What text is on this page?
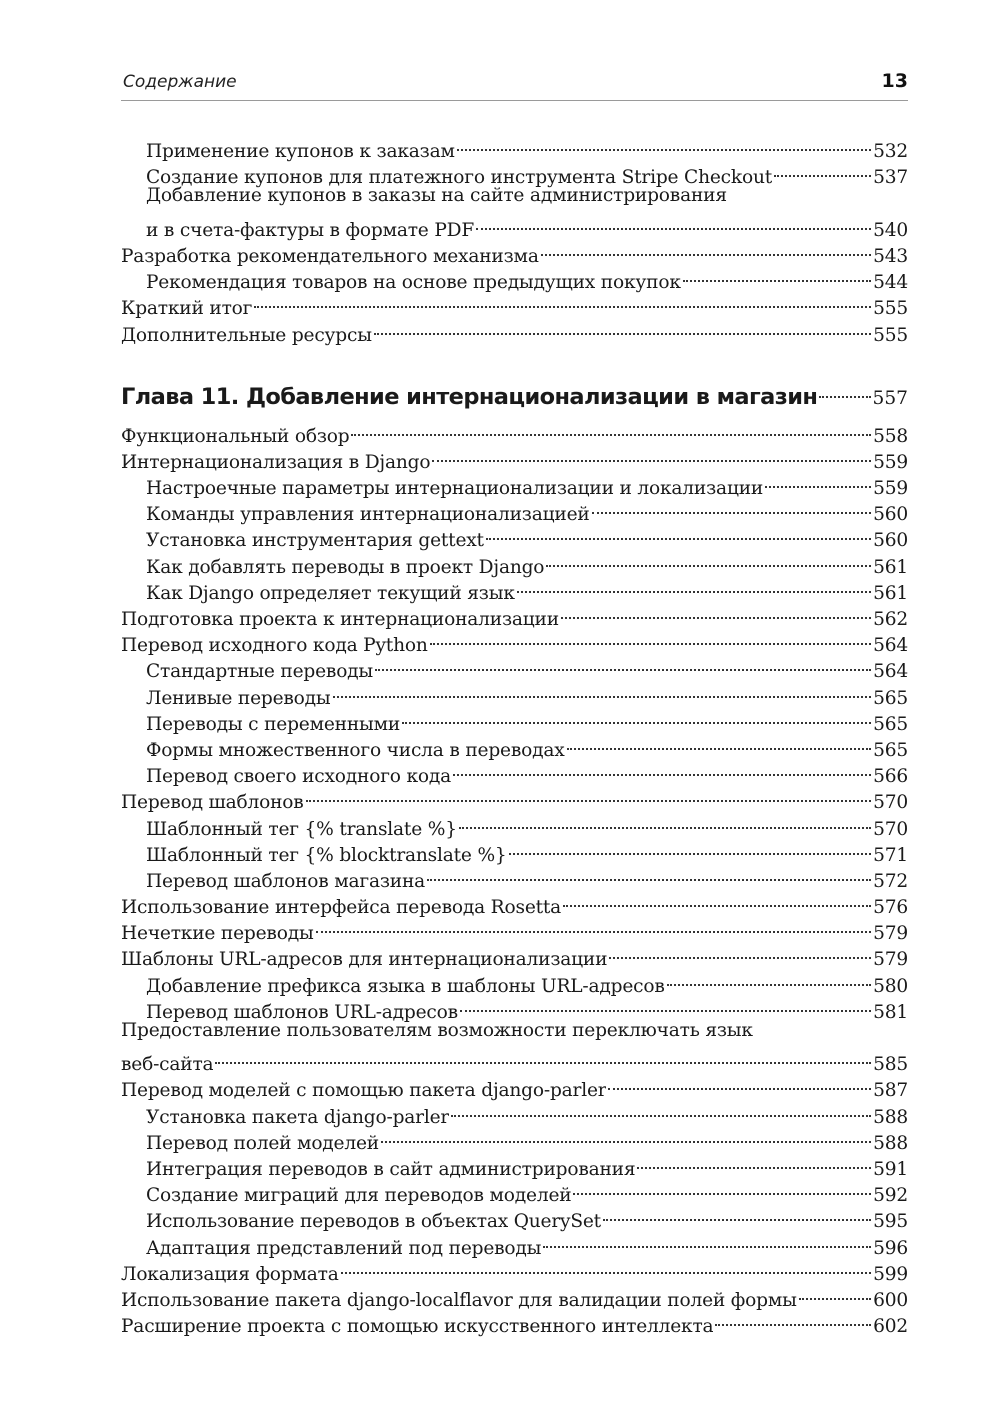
Содержание	13
Применение купонов к заказам	532
Создание купонов для платежного инструмента Stripe Checkout	537
Добавление купонов в заказы на сайте администрирования
и в счета-фактуры в формате PDF	540
Разработка рекомендательного механизма	543
Рекомендация товаров на основе предыдущих покупок	544
Краткий итог	555
Дополнительные ресурсы	555
Глава 11. Добавление интернационализации в магазин	557
Функциональный обзор	558
Интернационализация в Django	559
Настроечные параметры интернационализации и локализации	559
Команды управления интернационализацией	560
Установка инструментария gettext	560
Как добавлять переводы в проект Django	561
Как Django определяет текущий язык	561
Подготовка проекта к интернационализации	562
Перевод исходного кода Python	564
Стандартные переводы	564
Ленивые переводы	565
Переводы с переменными	565
Формы множественного числа в переводах	565
Перевод своего исходного кода	566
Перевод шаблонов	570
Шаблонный тег {% translate %}	570
Шаблонный тег {% blocktranslate %}	571
Перевод шаблонов магазина	572
Использование интерфейса перевода Rosetta	576
Нечеткие переводы	579
Шаблоны URL-адресов для интернационализации	579
Добавление префикса языка в шаблоны URL-адресов	580
Перевод шаблонов URL-адресов	581
Предоставление пользователям возможности переключать язык
веб-сайта	585
Перевод моделей с помощью пакета django-parler	587
Установка пакета django-parler	588
Перевод полей моделей	588
Интеграция переводов в сайт администрирования	591
Создание миграций для переводов моделей	592
Использование переводов в объектах QuerySet	595
Адаптация представлений под переводы	596
Локализация формата	599
Использование пакета django-localflavor для валидации полей формы	600
Расширение проекта с помощью искусственного интеллекта	602
